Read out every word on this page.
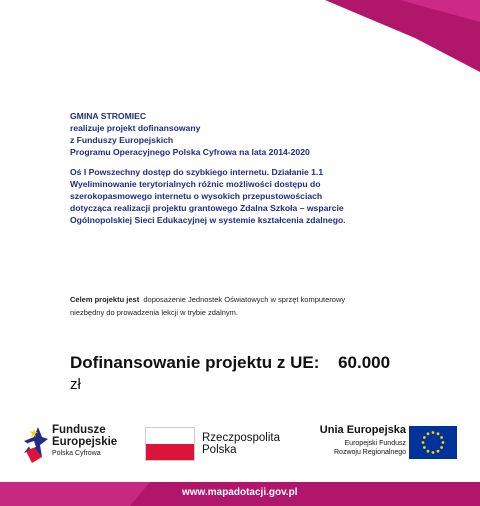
GMINA STROMIEC
realizuje projekt dofinansowany
z Funduszy Europejskich
Programu Operacyjnego Polska Cyfrowa na lata 2014-2020
Oś I Powszechny dostęp do szybkiego internetu. Działanie 1.1
Wyeliminowanie terytorialnych różnic możliwości dostępu do
szerokopasmowego internetu o wysokich przepustowościach
dotycząca realizacji projektu grantowego Zdalna Szkoła – wsparcie
Ogólnopolskiej Sieci Edukacyjnej w systemie kształcenia zdalnego.
Celem projektu jest doposażenie Jednostek Oświatowych w sprzęt komputerowy
niezbędny do prowadzenia lekcji w trybie zdalnym.
Dofinansowanie projektu z UE: 60.000
zł
Fundusze
Europejskie
Polska Cyfrowa
Rzeczpospolita
Polska
Unia Europejska
Europejski Fundusz
Rozwoju Regionalnego
www.mapadotacji.gov.pl
